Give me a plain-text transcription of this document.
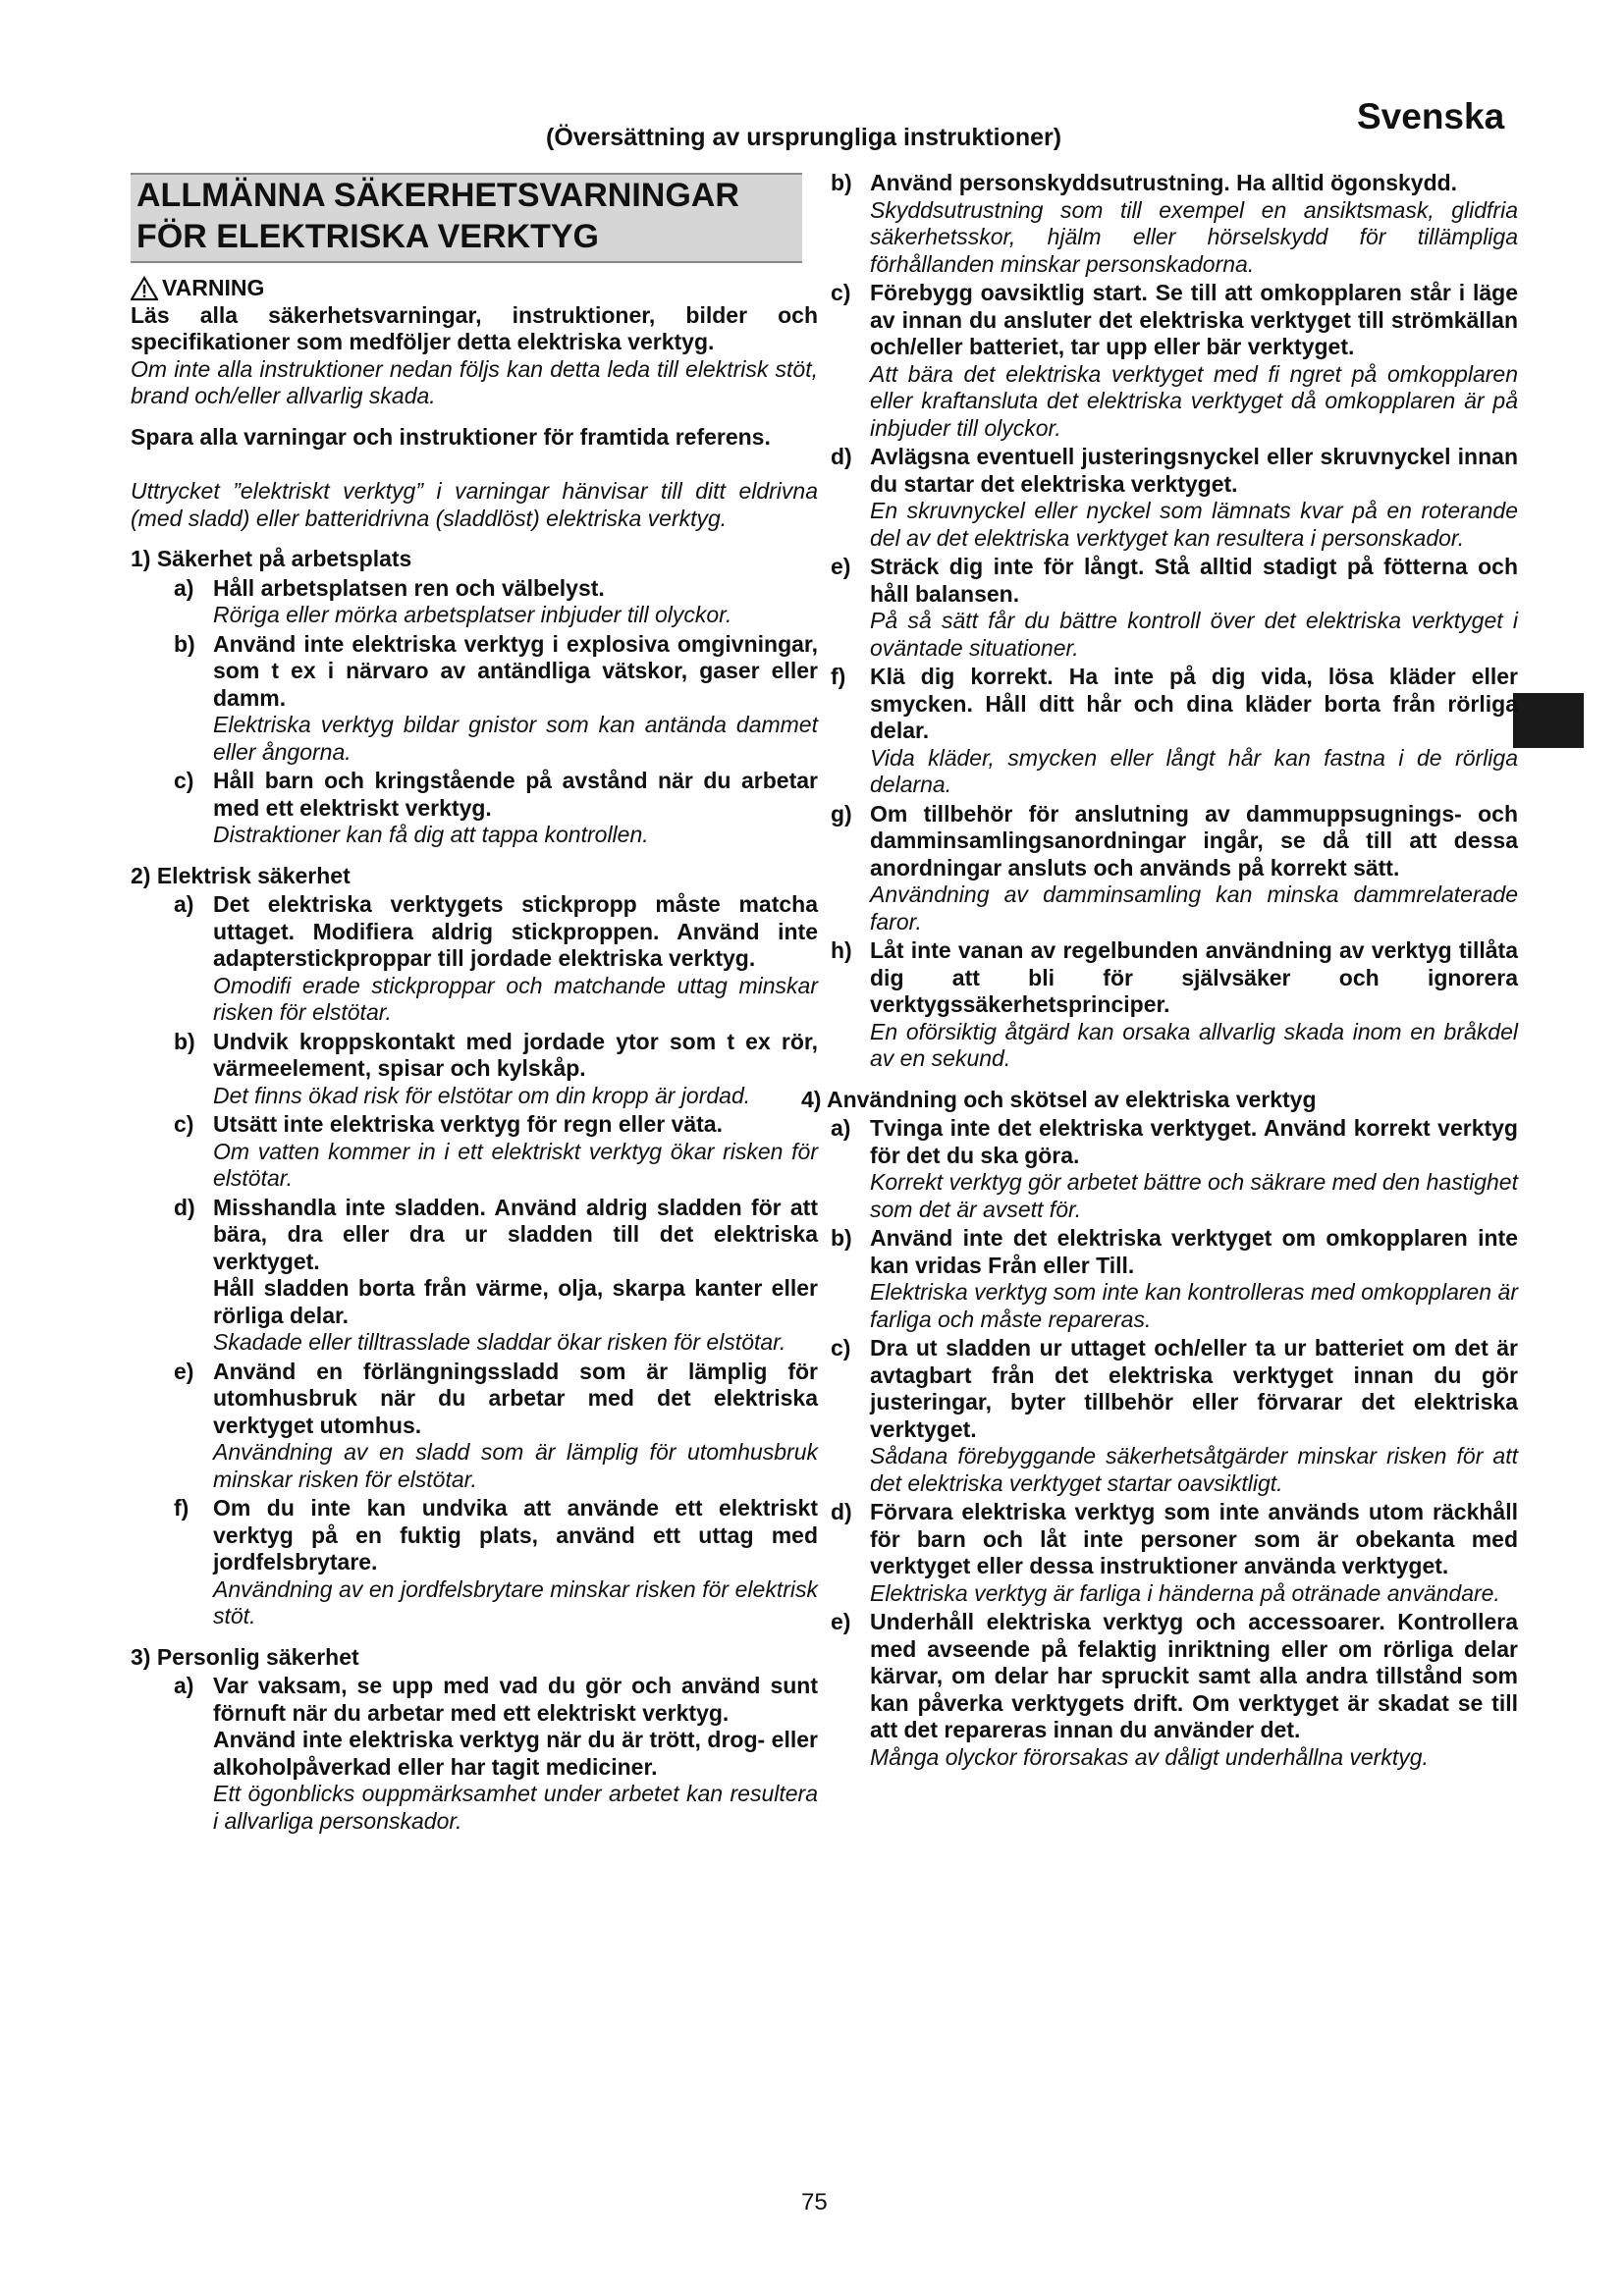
(Översättning av ursprungliga instruktioner)
Svenska
ALLMÄNNA SÄKERHETSVARNINGAR
FÖR ELEKTRISKA VERKTYG
VARNING

Läs alla säkerhetsvarningar, instruktioner, bilder och specifikationer som medföljer detta elektriska verktyg.

Om inte alla instruktioner nedan följs kan detta leda till elektrisk stöt, brand och/eller allvarlig skada.

Spara alla varningar och instruktioner för framtida referens.

Uttrycket ”elektriskt verktyg” i varningar hänvisar till ditt eldrivna (med sladd) eller batteridrivna (sladdlöst) elektriska verktyg.

1) Säkerhet på arbetsplats

a) Håll arbetsplatsen ren och välbelyst.

Röriga eller mörka arbetsplatser inbjuder till olyckor.

b) Använd inte elektriska verktyg i explosiva omgivningar, som t ex i närvaro av antändliga vätskor, gaser eller damm.

Elektriska verktyg bildar gnistor som kan antända dammet eller ångorna.

c) Håll barn och kringstående på avstånd när du arbetar med ett elektriskt verktyg.

Distraktioner kan få dig att tappa kontrollen.

2) Elektrisk säkerhet

a) Det elektriska verktygets stickpropp måste matcha uttaget. Modifiera aldrig stickproppen. Använd inte adapterstickproppar till jordade elektriska verktyg.

Omodifi erade stickproppar och matchande uttag minskar risken för elstötar.

b) Undvik kroppskontakt med jordade ytor som t ex rör, värmeelement, spisar och kylskåp.

Det finns ökad risk för elstötar om din kropp är jordad.

c) Utsätt inte elektriska verktyg för regn eller väta.

Om vatten kommer in i ett elektriskt verktyg ökar risken för elstötar.

d) Misshandla inte sladden. Använd aldrig sladden för att bära, dra eller dra ur sladden till det elektriska verktyget.

Håll sladden borta från värme, olja, skarpa kanter eller rörliga delar.

Skadade eller tilltrasslade sladdar ökar risken för elstötar.

e) Använd en förlängningssladd som är lämplig för utomhusbruk när du arbetar med det elektriska verktyget utomhus.

Användning av en sladd som är lämplig för utomhusbruk minskar risken för elstötar.

f)	Om du inte kan undvika att använde ett elektriskt verktyg på en fuktig plats, använd ett uttag med jordfelsbrytare.

Användning av en jordfelsbrytare minskar risken för elektrisk stöt.

3) Personlig säkerhet

a) Var vaksam, se upp med vad du gör och använd sunt förnuft när du arbetar med ett elektriskt verktyg.

Använd inte elektriska verktyg när du är trött, drog- eller alkoholpåverkad eller har tagit mediciner.

Ett ögonblicks ouppmärksamhet under arbetet kan resultera i allvarliga personskador.

b) Använd personskyddsutrustning. Ha alltid ögonskydd.

Skyddsutrustning som till exempel en ansiktsmask, glidfria säkerhetsskor, hjälm eller hörselskydd för tillämpliga förhållanden minskar personskadorna.

c) Förebygg oavsiktlig start. Se till att omkopplaren står i läge av innan du ansluter det elektriska verktyget till strömkällan och/eller batteriet, tar upp eller bär verktyget.

Att bära det elektriska verktyget med fi ngret på omkopplaren eller kraftansluta det elektriska verktyget då omkopplaren är på inbjuder till olyckor.

d) Avlägsna eventuell justeringsnyckel eller skruvnyckel innan du startar det elektriska verktyget.

En skruvnyckel eller nyckel som lämnats kvar på en roterande del av det elektriska verktyget kan resultera i personskador.

e) Sträck dig inte för långt. Stå alltid stadigt på fötterna och håll balansen.

På så sätt får du bättre kontroll över det elektriska verktyget i oväntade situationer.

f)	Klä dig korrekt. Ha inte på dig vida, lösa kläder eller smycken. Håll ditt hår och dina kläder borta från rörliga delar.

Vida kläder, smycken eller långt hår kan fastna i de rörliga delarna.

g) Om tillbehör för anslutning av dammuppsugnings- och damminsamlingsanordningar ingår, se då till att dessa anordningar ansluts och används på korrekt sätt.

Användning av damminsamling kan minska dammrelaterade faror.

h) Låt inte vanan av regelbunden användning av verktyg tillåta dig att bli för självsäker och ignorera verktygssäkerhetsprinciper.

En oförsiktig åtgärd kan orsaka allvarlig skada inom en bråkdel av en sekund.

4) Användning och skötsel av elektriska verktyg

a) Tvinga inte det elektriska verktyget. Använd korrekt verktyg för det du ska göra.

Korrekt verktyg gör arbetet bättre och säkrare med den hastighet som det är avsett för.

b) Använd inte det elektriska verktyget om omkopplaren inte kan vridas Från eller Till.

Elektriska verktyg som inte kan kontrolleras med omkopplaren är farliga och måste repareras.

c) Dra ut sladden ur uttaget och/eller ta ur batteriet om det är avtagbart från det elektriska verktyget innan du gör justeringar, byter tillbehör eller förvarar det elektriska verktyget.

Sådana förebyggande säkerhetsåtgärder minskar risken för att det elektriska verktyget startar oavsiktligt.

d) Förvara elektriska verktyg som inte används utom räckhåll för barn och låt inte personer som är obekanta med verktyget eller dessa instruktioner använda verktyget.

Elektriska verktyg är farliga i händerna på otränade användare.

e) Underhåll elektriska verktyg och accessoarer. Kontrollera med avseende på felaktig inriktning eller om rörliga delar kärvar, om delar har spruckit samt alla andra tillstånd som kan påverka verktygets drift. Om verktyget är skadat se till att det repareras innan du använder det.

Många olyckor förorsakas av dåligt underhållna verktyg.

75
